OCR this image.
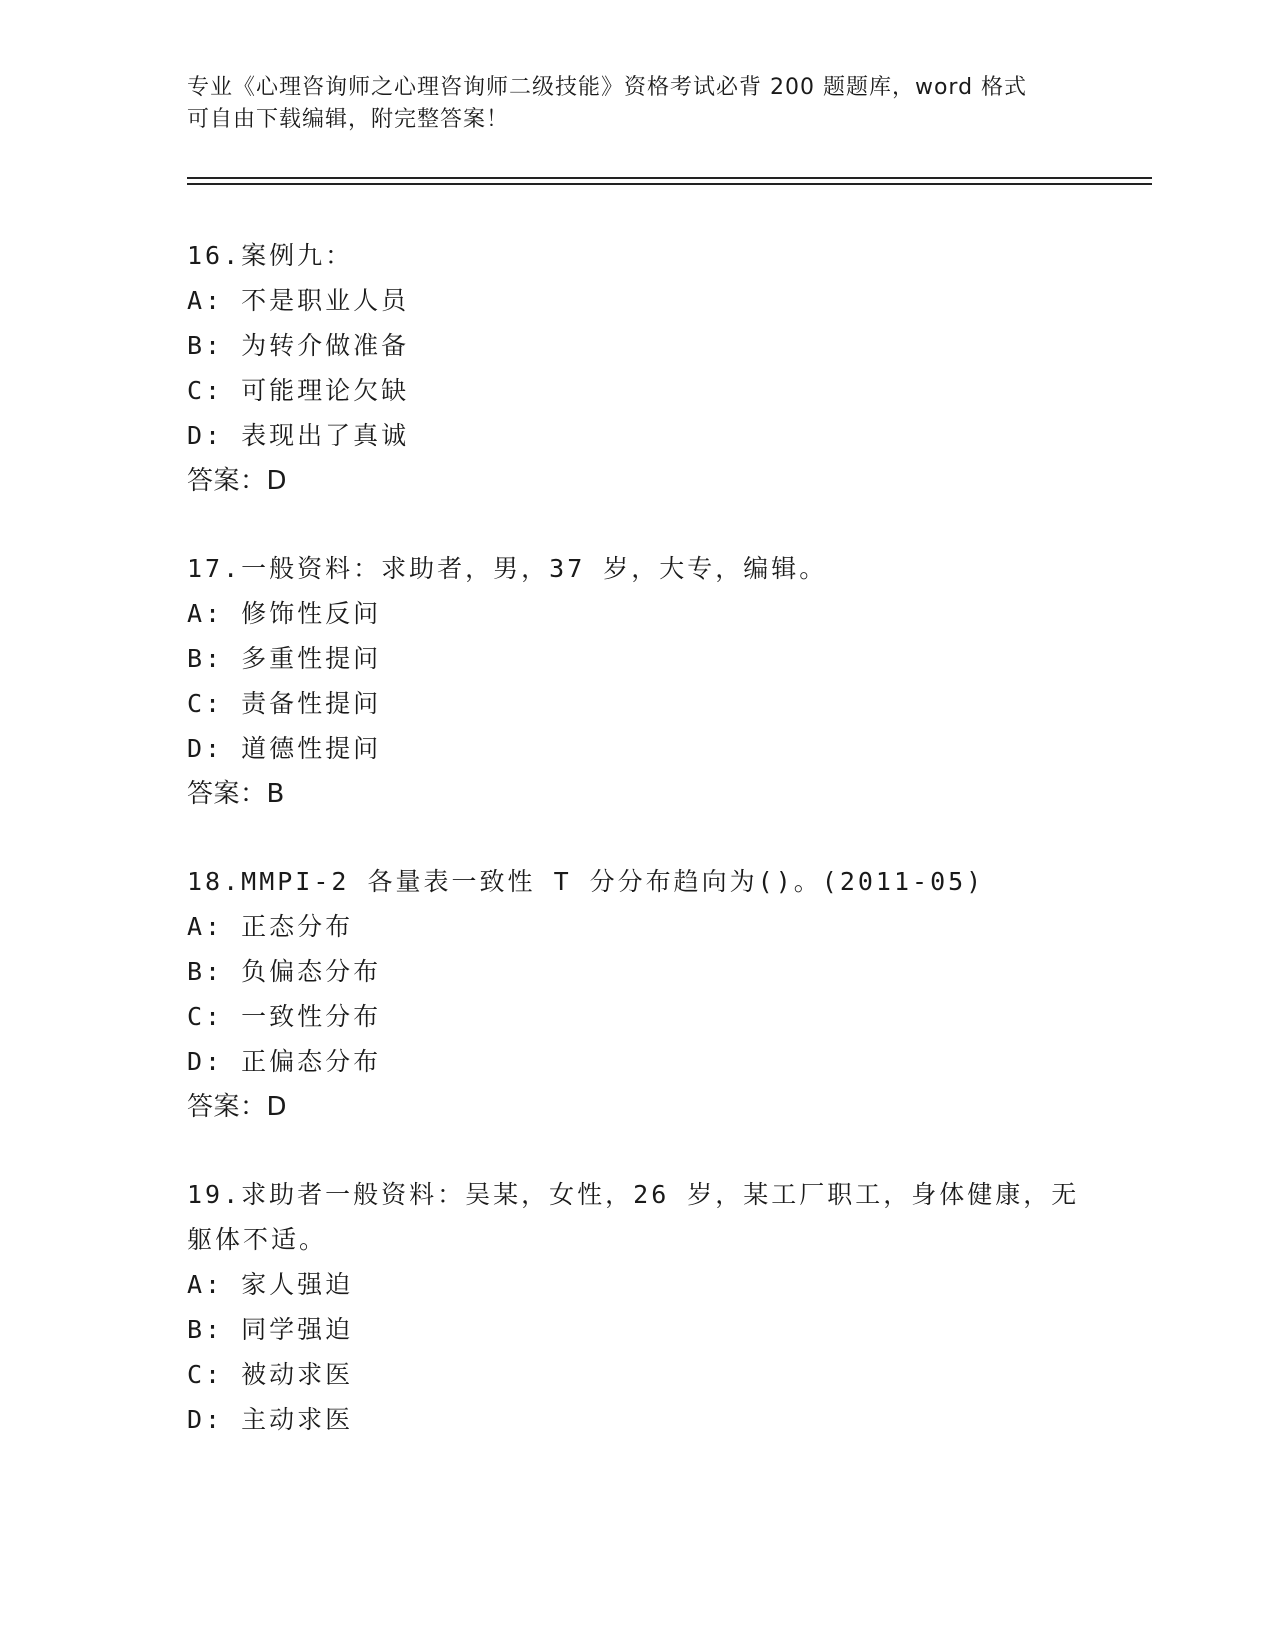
专业《心理咨询师之心理咨询师二级技能》资格考试必背 200 题题库，word 格式
可自由下载编辑，附完整答案！
16.案例九：
A: 不是职业人员
B: 为转介做准备
C: 可能理论欠缺
D: 表现出了真诚
答案：D
17.一般资料：求助者，男，37 岁，大专，编辑。
A: 修饰性反问
B: 多重性提问
C: 责备性提问
D: 道德性提问
答案：B
18.MMPI-2 各量表一致性 T 分分布趋向为()。(2011-05)
A: 正态分布
B: 负偏态分布
C: 一致性分布
D: 正偏态分布
答案：D
19.求助者一般资料：吴某，女性，26 岁，某工厂职工，身体健康，无
躯体不适。
A: 家人强迫
B: 同学强迫
C: 被动求医
D: 主动求医
